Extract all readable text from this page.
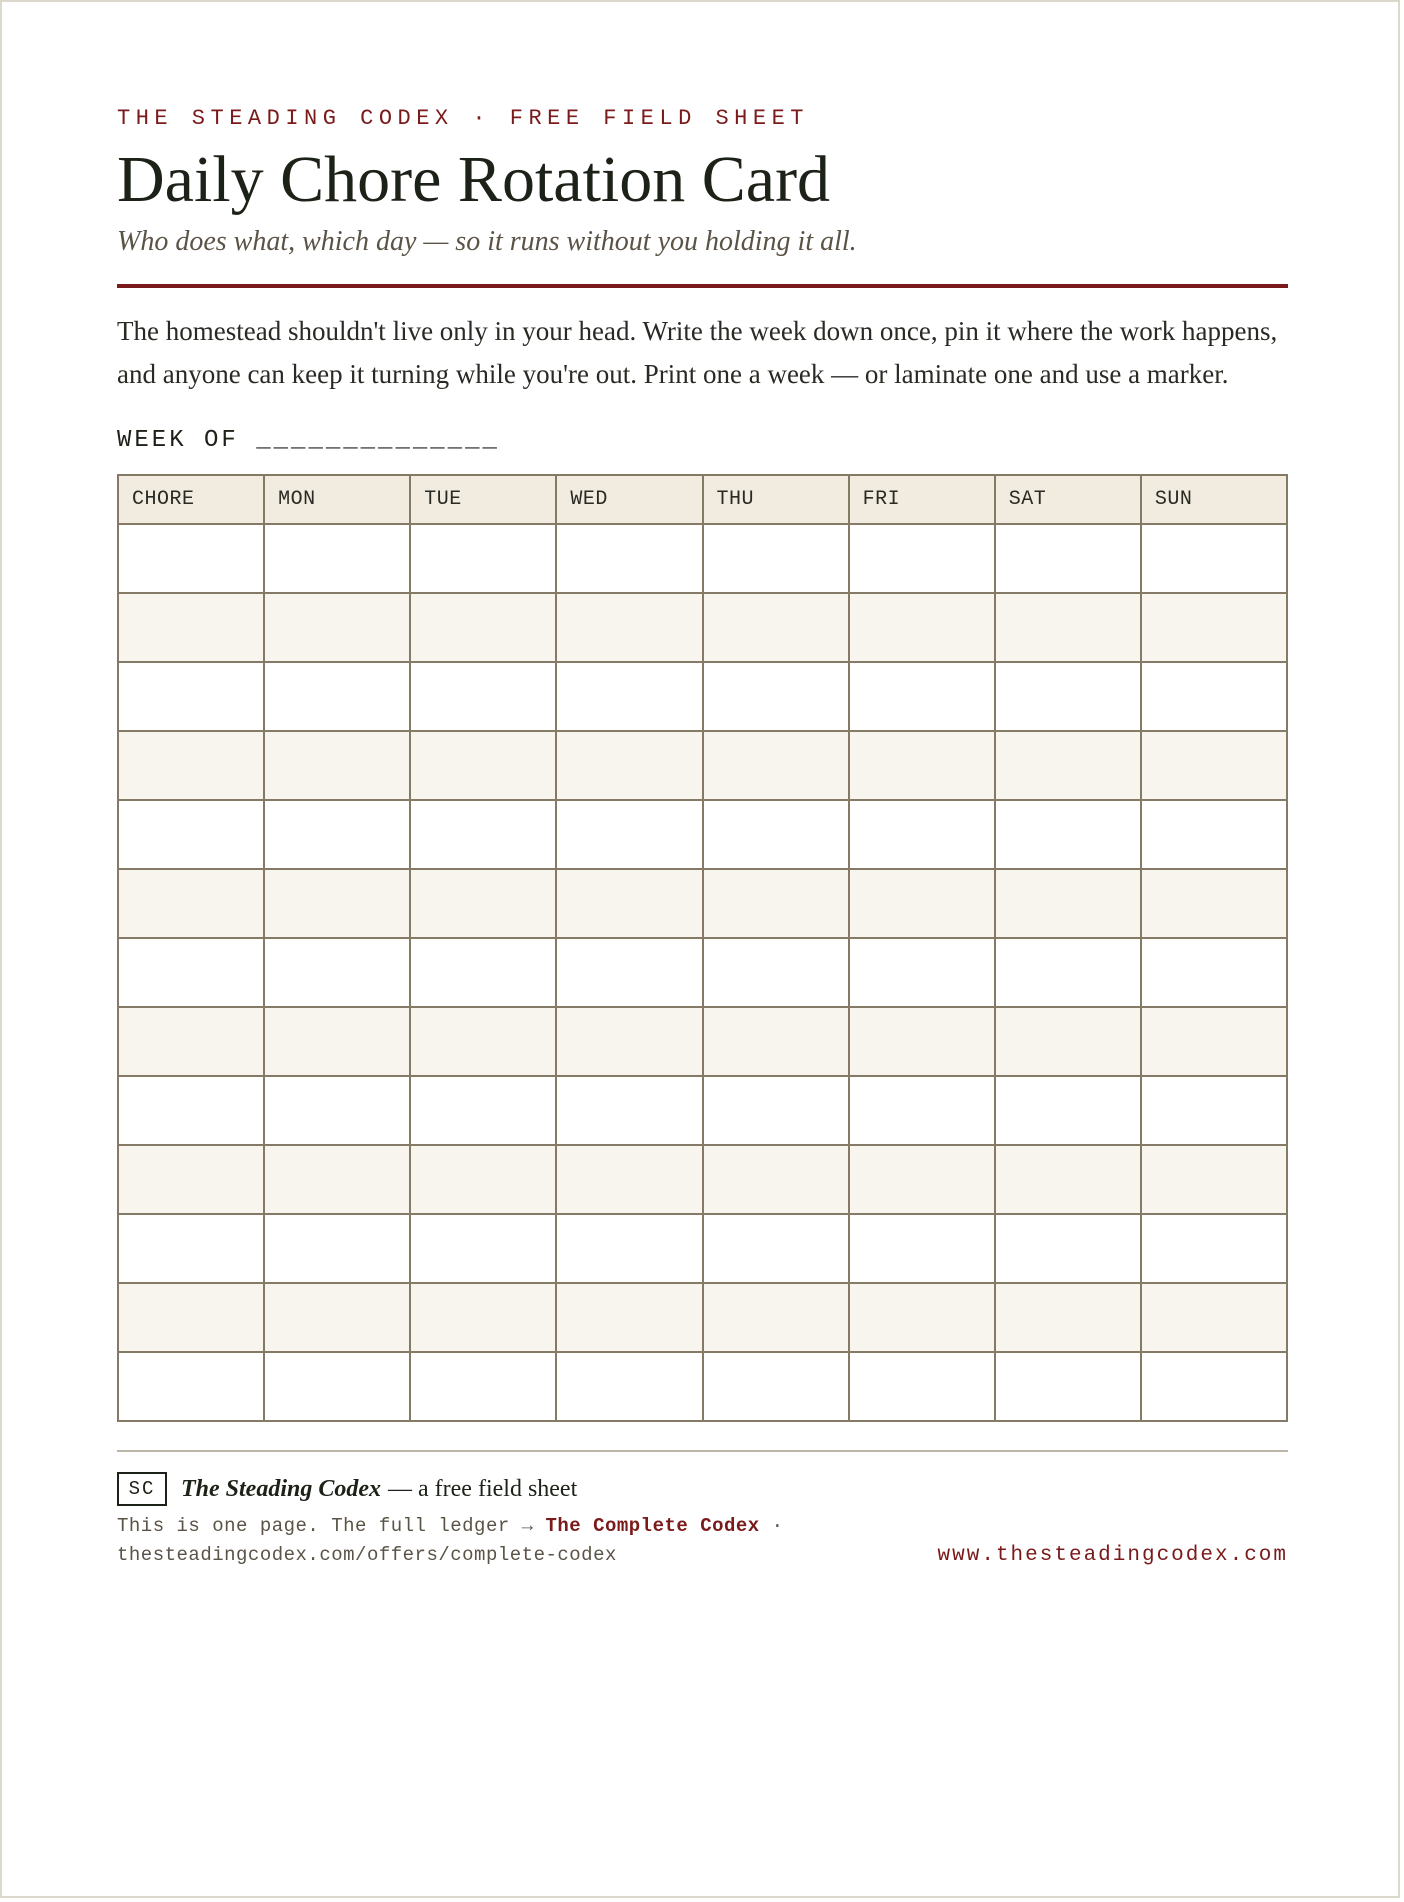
THE STEADING CODEX · FREE FIELD SHEET

Daily Chore Rotation Card

Who does what, which day — so it runs without you holding it all.

The homestead shouldn't live only in your head. Write the week down once, pin it where the work happens, and anyone can keep it turning while you're out. Print one a week — or laminate one and use a marker.

WEEK OF ______________

CHORE	MON	TUE	WED	THU	FRI	SAT	SUN

SC	The Steading Codex — a free field sheet
This is one page. The full ledger → The Complete Codex ·
thesteadingcodex.com/offers/complete-codex	www.thesteadingcodex.com
